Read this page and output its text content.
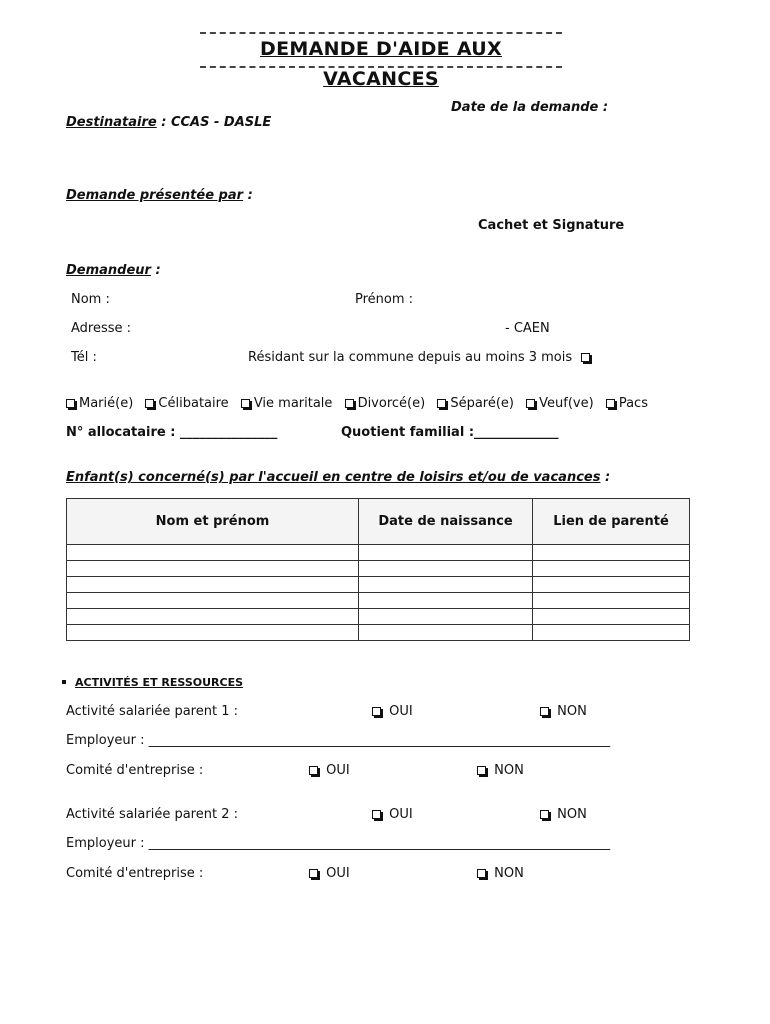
DEMANDE D'AIDE AUX VACANCES
Date de la demande :
Destinataire : CCAS - DASLE
Demande présentée par :
Cachet et Signature
Demandeur :
Nom :	Prénom :
Adresse :	- CAEN
Tél :	Résidant sur la commune depuis au moins 3 mois
Marié(e) Célibataire Vie maritale Divorcé(e) Séparé(e) Veuf(ve) Pacs
N° allocataire : _______________	Quotient familial :_____________
Enfant(s) concerné(s) par l'accueil en centre de loisirs et/ou de vacances :
Nom et prénom	Date de naissance	Lien de parenté

ACTIVITÉS ET RESSOURCES
Activité salariée parent 1 :	OUI	NON
Employeur : _______________________________________________________________________
Comité d'entreprise :	OUI	NON
Activité salariée parent 2 :	OUI	NON
Employeur : _______________________________________________________________________
Comité d'entreprise :	OUI	NON
